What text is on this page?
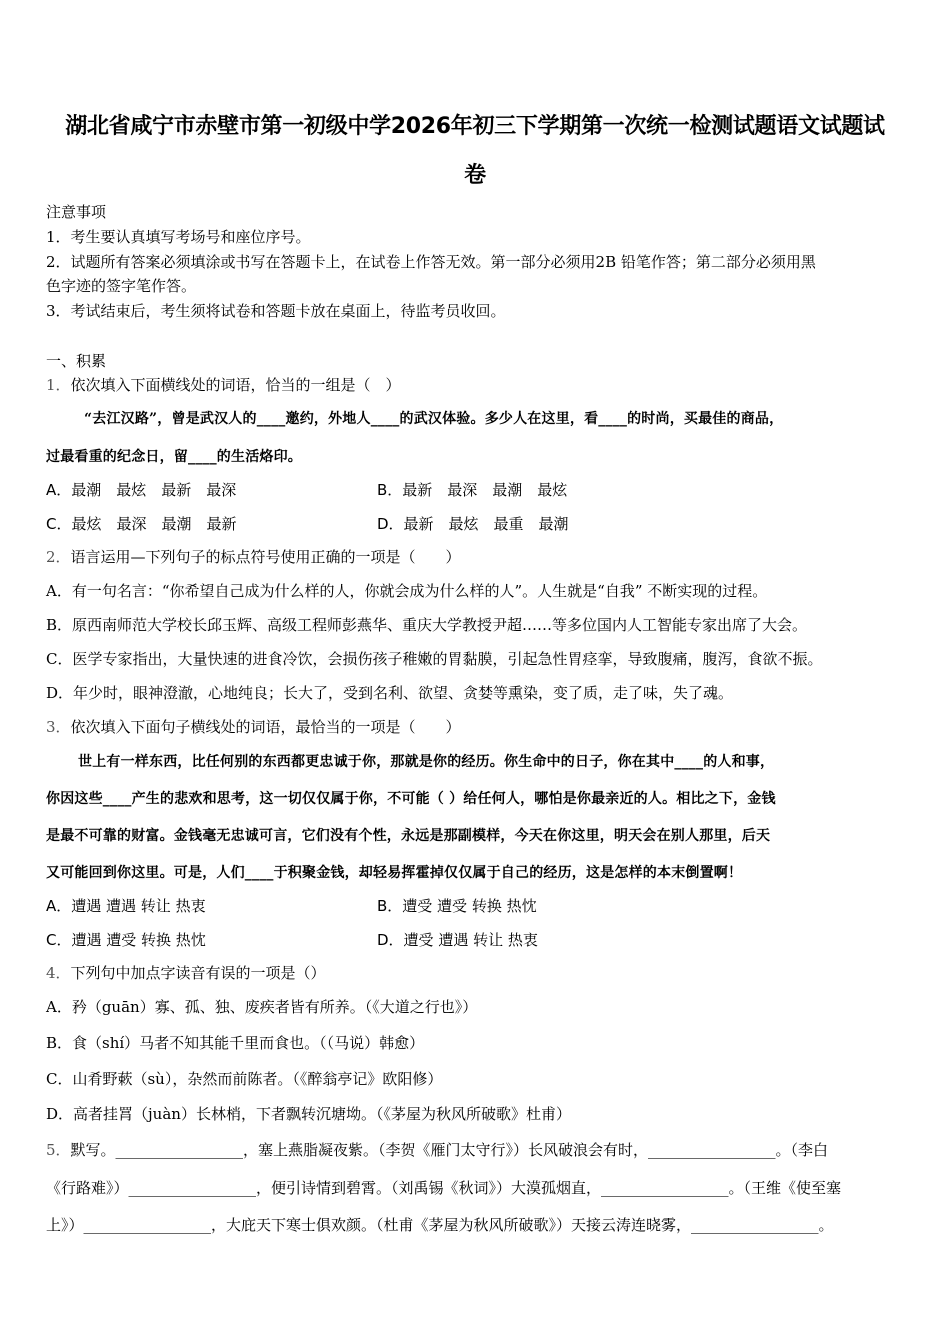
湖北省咸宁市赤壁市第一初级中学2026年初三下学期第一次统一检测试题语文试题试
卷
注意事项
1．考生要认真填写考场号和座位序号。
2．试题所有答案必须填涂或书写在答题卡上，在试卷上作答无效。第一部分必须用2B 铅笔作答；第二部分必须用黑
色字迹的签字笔作答。
3．考试结束后，考生须将试卷和答题卡放在桌面上，待监考员收回。
一、积累
1．依次填入下面横线处的词语，恰当的一组是（　）
“去江汉路”，曾是武汉人的____邀约，外地人____的武汉体验。多少人在这里，看____的时尚，买最佳的商品，
过最看重的纪念日，留____的生活烙印。
A．最潮　最炫　最新　最深	B．最新　最深　最潮　最炫
C．最炫　最深　最潮　最新	D．最新　最炫　最重　最潮
2．语言运用—下列句子的标点符号使用正确的一项是（　　）
A．有一句名言：“你希望自己成为什么样的人，你就会成为什么样的人”。人生就是“自我” 不断实现的过程。
B．原西南师范大学校长邱玉辉、高级工程师彭燕华、重庆大学教授尹超……等多位国内人工智能专家出席了大会。
C．医学专家指出，大量快速的进食冷饮，会损伤孩子稚嫩的胃黏膜，引起急性胃痉挛，导致腹痛，腹泻，食欲不振。
D．年少时，眼神澄澈，心地纯良；长大了，受到名利、欲望、贪婪等熏染，变了质，走了味，失了魂。
3．依次填入下面句子横线处的词语，最恰当的一项是（　　）
世上有一样东西，比任何别的东西都更忠诚于你，那就是你的经历。你生命中的日子，你在其中____的人和事，
你因这些____产生的悲欢和思考，这一切仅仅属于你，不可能（ ）给任何人，哪怕是你最亲近的人。相比之下，金钱
是最不可靠的财富。金钱毫无忠诚可言，它们没有个性，永远是那副模样，今天在你这里，明天会在别人那里，后天
又可能回到你这里。可是，人们____于积聚金钱，却轻易挥霍掉仅仅属于自己的经历，这是怎样的本末倒置啊！
A．遭遇 遭遇 转让 热衷	B．遭受 遭受 转换 热忱
C．遭遇 遭受 转换 热忱	D．遭受 遭遇 转让 热衷
4．下列句中加点字读音有误的一项是（）
A．矜（guān）寡、孤、独、废疾者皆有所养。（《大道之行也》）
B．食（shí）马者不知其能千里而食也。（（马说）韩愈）
C．山肴野蔌（sù），杂然而前陈者。（《醉翁亭记》欧阳修）
D．高者挂罥（juàn）长林梢，下者飘转沉塘坳。（《茅屋为秋风所破歌》杜甫）
5．默写。_________________，塞上燕脂凝夜紫。（李贺《雁门太守行》）长风破浪会有时，_________________。（李白
《行路难》）_________________，便引诗情到碧霄。（刘禹锡《秋词》）大漠孤烟直，_________________。（王维《使至塞
上》）_________________，大庇天下寒士俱欢颜。（杜甫《茅屋为秋风所破歌》）天接云涛连晓雾，_________________。
